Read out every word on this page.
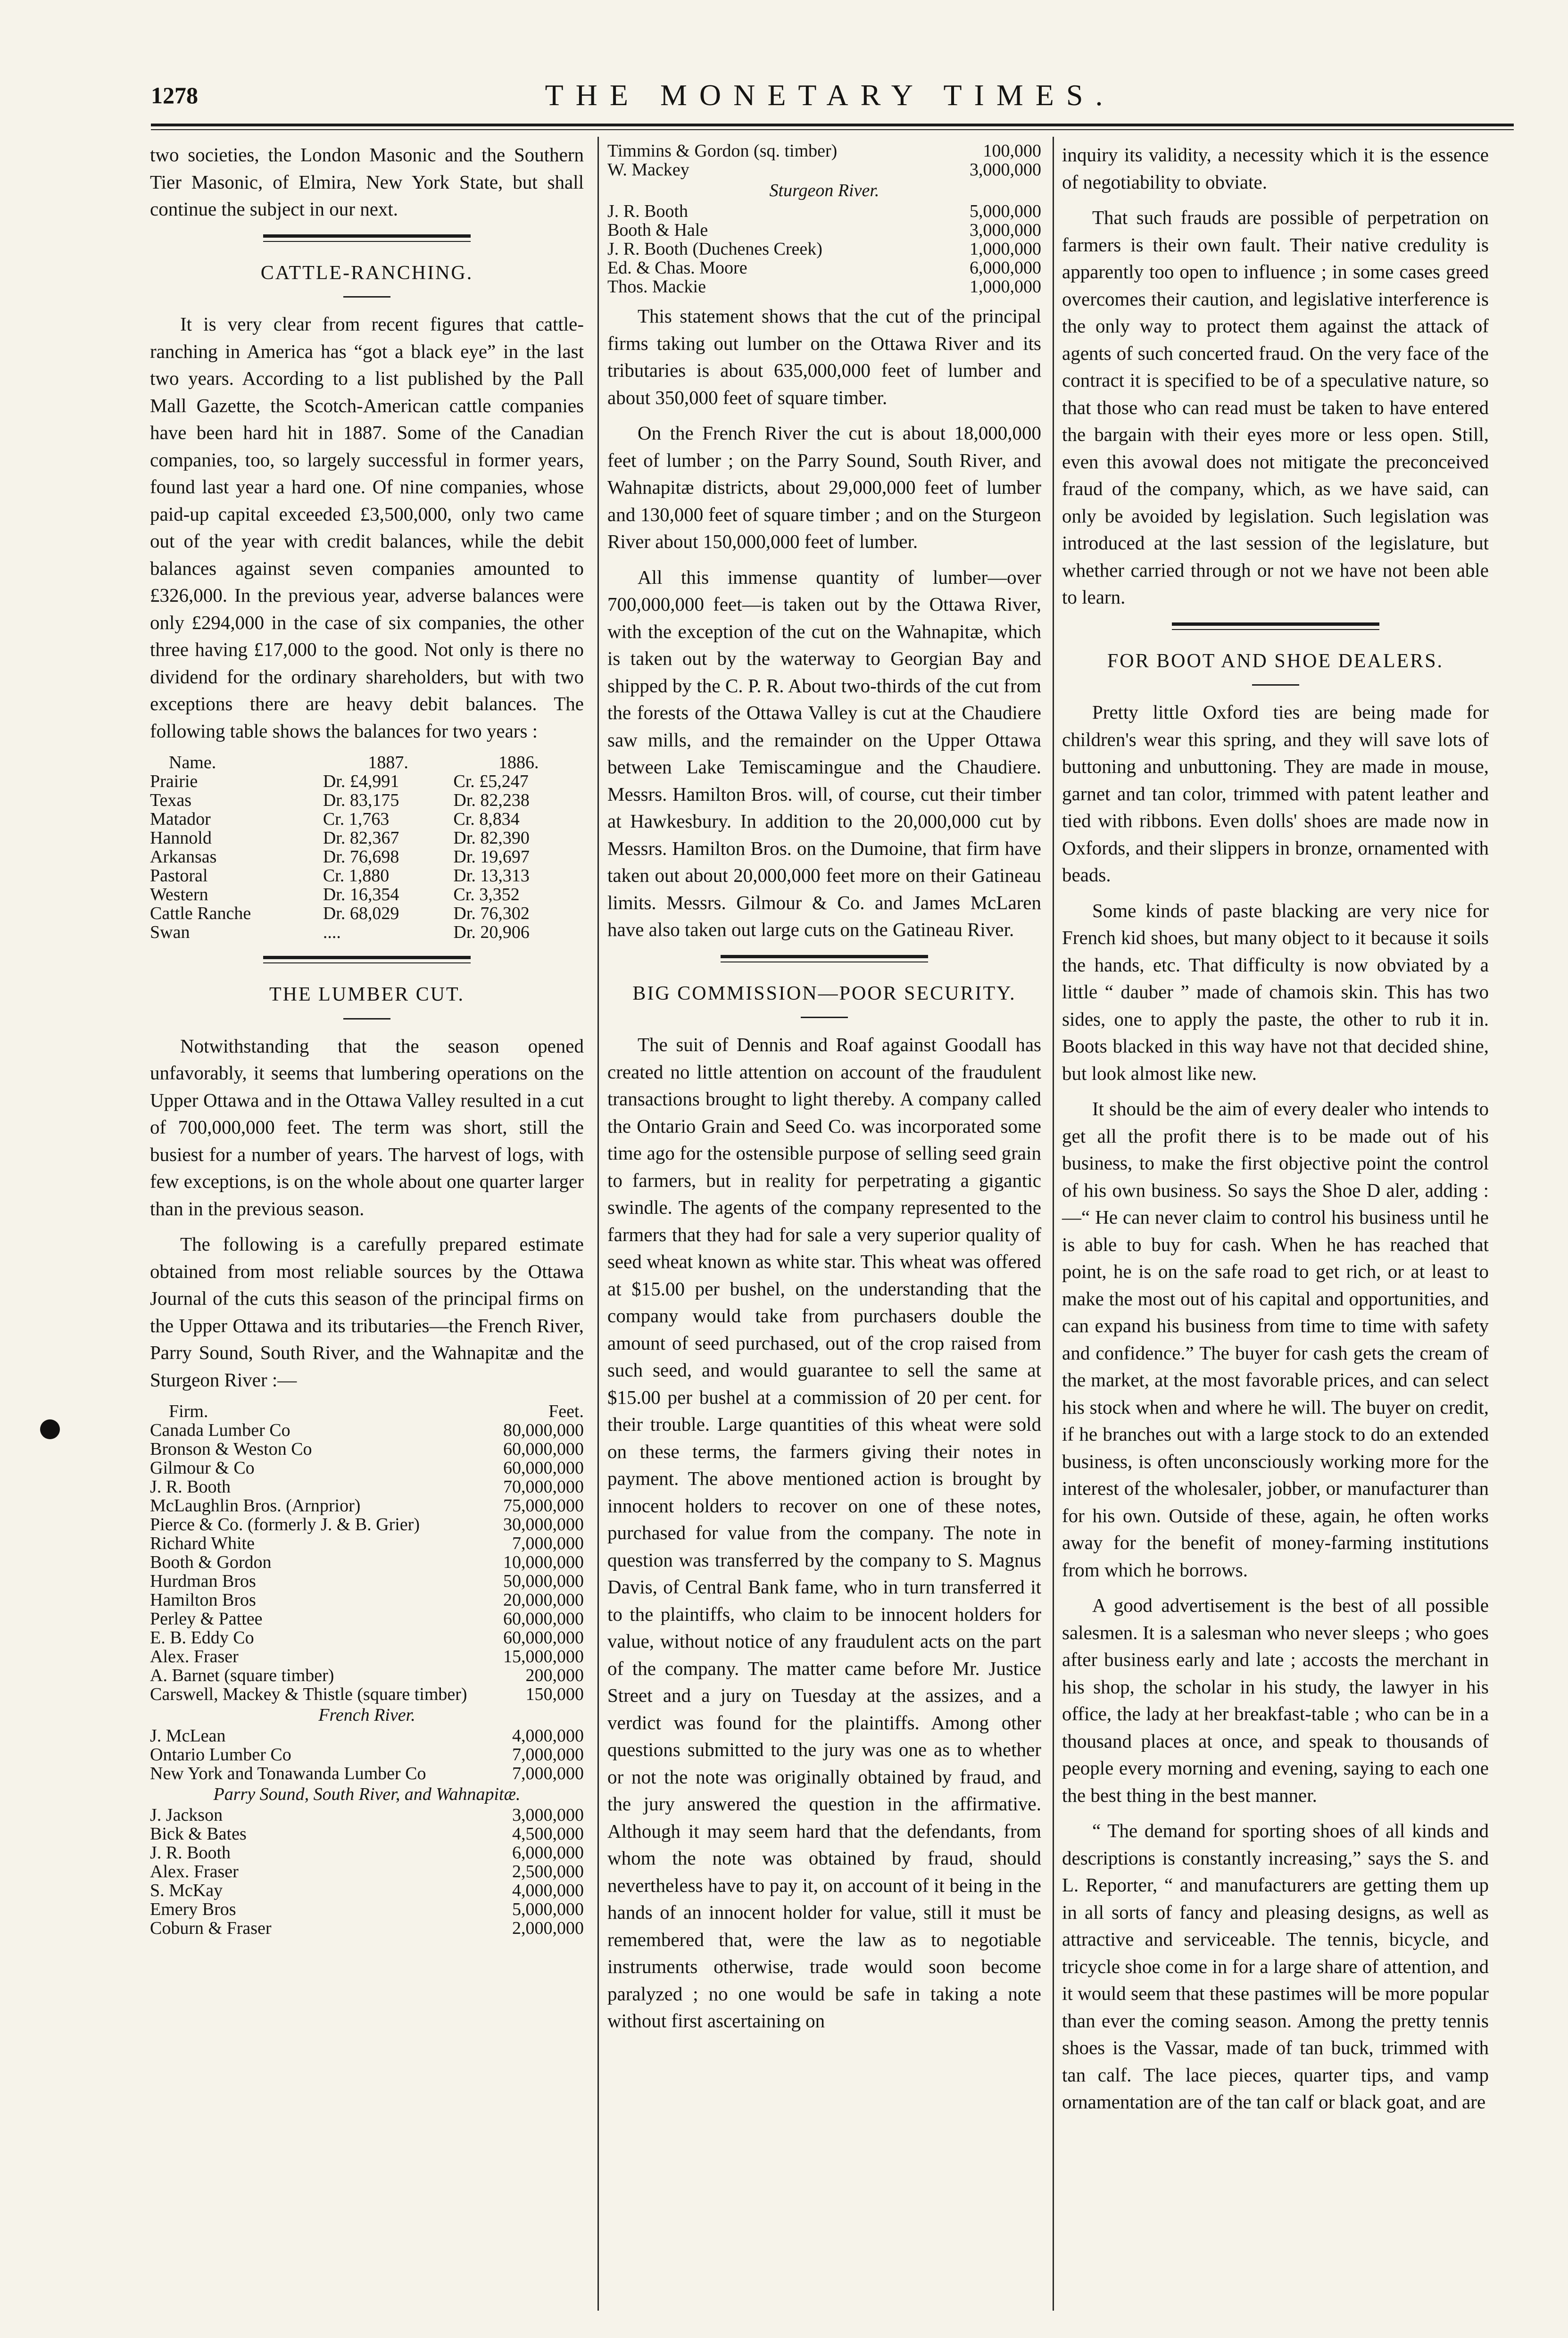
1278	THE MONETARY TIMES.

two societies, the London Masonic and the Southern Tier Masonic, of Elmira, New York State, but shall continue the subject in our next.

CATTLE-RANCHING.

It is very clear from recent figures that cattle-ranching in America has “got a black eye” in the last two years. According to a list published by the Pall Mall Gazette, the Scotch-American cattle companies have been hard hit in 1887. Some of the Canadian companies, too, so largely successful in former years, found last year a hard one. Of nine companies, whose paid-up capital exceeded £3,500,000, only two came out of the year with credit balances, while the debit balances against seven companies amounted to £326,000. In the previous year, adverse balances were only £294,000 in the case of six companies, the other three having £17,000 to the good. Not only is there no dividend for the ordinary shareholders, but with two exceptions there are heavy debit balances. The following table shows the balances for two years :

Name.	1887.	1886.
Prairie	Dr. £4,991	Cr. £5,247
Texas	Dr. 83,175	Dr. 82,238
Matador	Cr. 1,763	Cr. 8,834
Hannold	Dr. 82,367	Dr. 82,390
Arkansas	Dr. 76,698	Dr. 19,697
Pastoral	Cr. 1,880	Dr. 13,313
Western	Dr. 16,354	Cr. 3,352
Cattle Ranche	Dr. 68,029	Dr. 76,302
Swan	....	Dr. 20,906
THE LUMBER CUT.

Notwithstanding that the season opened unfavorably, it seems that lumbering operations on the Upper Ottawa and in the Ottawa Valley resulted in a cut of 700,000,000 feet. The term was short, still the busiest for a number of years. The harvest of logs, with few exceptions, is on the whole about one quarter larger than in the previous season.

The following is a carefully prepared estimate obtained from most reliable sources by the Ottawa Journal of the cuts this season of the principal firms on the Upper Ottawa and its tributaries—the French River, Parry Sound, South River, and the Wahnapitæ and the Sturgeon River :—

Firm.	Feet.
Canada Lumber Co	80,000,000
Bronson & Weston Co	60,000,000
Gilmour & Co	60,000,000
J. R. Booth	70,000,000
McLaughlin Bros. (Arnprior)	75,000,000
Pierce & Co. (formerly J. & B. Grier)	30,000,000
Richard White	7,000,000
Booth & Gordon	10,000,000
Hurdman Bros	50,000,000
Hamilton Bros	20,000,000
Perley & Pattee	60,000,000
E. B. Eddy Co	60,000,000
Alex. Fraser	15,000,000
A. Barnet (square timber)	200,000
Carswell, Mackey & Thistle (square timber)	150,000
French River.	
J. McLean	4,000,000
Ontario Lumber Co	7,000,000
New York and Tonawanda Lumber Co	7,000,000
Parry Sound, South River, and Wahnapitæ.	
J. Jackson	3,000,000
Bick & Bates	4,500,000
J. R. Booth	6,000,000
Alex. Fraser	2,500,000
S. McKay	4,000,000
Emery Bros	5,000,000
Coburn & Fraser	2,000,000
Timmins & Gordon (sq. timber)	100,000
W. Mackey	3,000,000
Sturgeon River.	
J. R. Booth	5,000,000
Booth & Hale	3,000,000
J. R. Booth (Duchenes Creek)	1,000,000
Ed. & Chas. Moore	6,000,000
Thos. Mackie	1,000,000

This statement shows that the cut of the principal firms taking out lumber on the Ottawa River and its tributaries is about 635,000,000 feet of lumber and about 350,000 feet of square timber.

On the French River the cut is about 18,000,000 feet of lumber ; on the Parry Sound, South River, and Wahnapitæ districts, about 29,000,000 feet of lumber and 130,000 feet of square timber ; and on the Sturgeon River about 150,000,000 feet of lumber.

All this immense quantity of lumber—over 700,000,000 feet—is taken out by the Ottawa River, with the exception of the cut on the Wahnapitæ, which is taken out by the waterway to Georgian Bay and shipped by the C. P. R. About two-thirds of the cut from the forests of the Ottawa Valley is cut at the Chaudiere saw mills, and the remainder on the Upper Ottawa between Lake Temiscamingue and the Chaudiere. Messrs. Hamilton Bros. will, of course, cut their timber at Hawkesbury. In addition to the 20,000,000 cut by Messrs. Hamilton Bros. on the Dumoine, that firm have taken out about 20,000,000 feet more on their Gatineau limits. Messrs. Gilmour & Co. and James McLaren have also taken out large cuts on the Gatineau River.

BIG COMMISSION—POOR SECURITY.

The suit of Dennis and Roaf against Goodall has created no little attention on account of the fraudulent transactions brought to light thereby. A company called the Ontario Grain and Seed Co. was incorporated some time ago for the ostensible purpose of selling seed grain to farmers, but in reality for perpetrating a gigantic swindle. The agents of the company represented to the farmers that they had for sale a very superior quality of seed wheat known as white star. This wheat was offered at $15.00 per bushel, on the understanding that the company would take from purchasers double the amount of seed purchased, out of the crop raised from such seed, and would guarantee to sell the same at $15.00 per bushel at a commission of 20 per cent. for their trouble. Large quantities of this wheat were sold on these terms, the farmers giving their notes in payment. The above mentioned action is brought by innocent holders to recover on one of these notes, purchased for value from the company. The note in question was transferred by the company to S. Magnus Davis, of Central Bank fame, who in turn transferred it to the plaintiffs, who claim to be innocent holders for value, without notice of any fraudulent acts on the part of the company. The matter came before Mr. Justice Street and a jury on Tuesday at the assizes, and a verdict was found for the plaintiffs. Among other questions submitted to the jury was one as to whether or not the note was originally obtained by fraud, and the jury answered the question in the affirmative. Although it may seem hard that the defendants, from whom the note was obtained by fraud, should nevertheless have to pay it, on account of it being in the hands of an innocent holder for value, still it must be remembered that, were the law as to negotiable instruments otherwise, trade would soon become paralyzed ; no one would be safe in taking a note without first ascertaining on

inquiry its validity, a necessity which it is the essence of negotiability to obviate.

That such frauds are possible of perpetration on farmers is their own fault. Their native credulity is apparently too open to influence ; in some cases greed overcomes their caution, and legislative interference is the only way to protect them against the attack of agents of such concerted fraud. On the very face of the contract it is specified to be of a speculative nature, so that those who can read must be taken to have entered the bargain with their eyes more or less open. Still, even this avowal does not mitigate the preconceived fraud of the company, which, as we have said, can only be avoided by legislation. Such legislation was introduced at the last session of the legislature, but whether carried through or not we have not been able to learn.

FOR BOOT AND SHOE DEALERS.

Pretty little Oxford ties are being made for children's wear this spring, and they will save lots of buttoning and unbuttoning. They are made in mouse, garnet and tan color, trimmed with patent leather and tied with ribbons. Even dolls' shoes are made now in Oxfords, and their slippers in bronze, ornamented with beads.

Some kinds of paste blacking are very nice for French kid shoes, but many object to it because it soils the hands, etc. That difficulty is now obviated by a little “ dauber ” made of chamois skin. This has two sides, one to apply the paste, the other to rub it in. Boots blacked in this way have not that decided shine, but look almost like new.

It should be the aim of every dealer who intends to get all the profit there is to be made out of his business, to make the first objective point the control of his own business. So says the Shoe D aler, adding :—“ He can never claim to control his business until he is able to buy for cash. When he has reached that point, he is on the safe road to get rich, or at least to make the most out of his capital and opportunities, and can expand his business from time to time with safety and confidence.” The buyer for cash gets the cream of the market, at the most favorable prices, and can select his stock when and where he will. The buyer on credit, if he branches out with a large stock to do an extended business, is often unconsciously working more for the interest of the wholesaler, jobber, or manufacturer than for his own. Outside of these, again, he often works away for the benefit of money-farming institutions from which he borrows.

A good advertisement is the best of all possible salesmen. It is a salesman who never sleeps ; who goes after business early and late ; accosts the merchant in his shop, the scholar in his study, the lawyer in his office, the lady at her breakfast-table ; who can be in a thousand places at once, and speak to thousands of people every morning and evening, saying to each one the best thing in the best manner.

“ The demand for sporting shoes of all kinds and descriptions is constantly increasing,” says the S. and L. Reporter, “ and manufacturers are getting them up in all sorts of fancy and pleasing designs, as well as attractive and serviceable. The tennis, bicycle, and tricycle shoe come in for a large share of attention, and it would seem that these pastimes will be more popular than ever the coming season. Among the pretty tennis shoes is the Vassar, made of tan buck, trimmed with tan calf. The lace pieces, quarter tips, and vamp ornamentation are of the tan calf or black goat, and are
